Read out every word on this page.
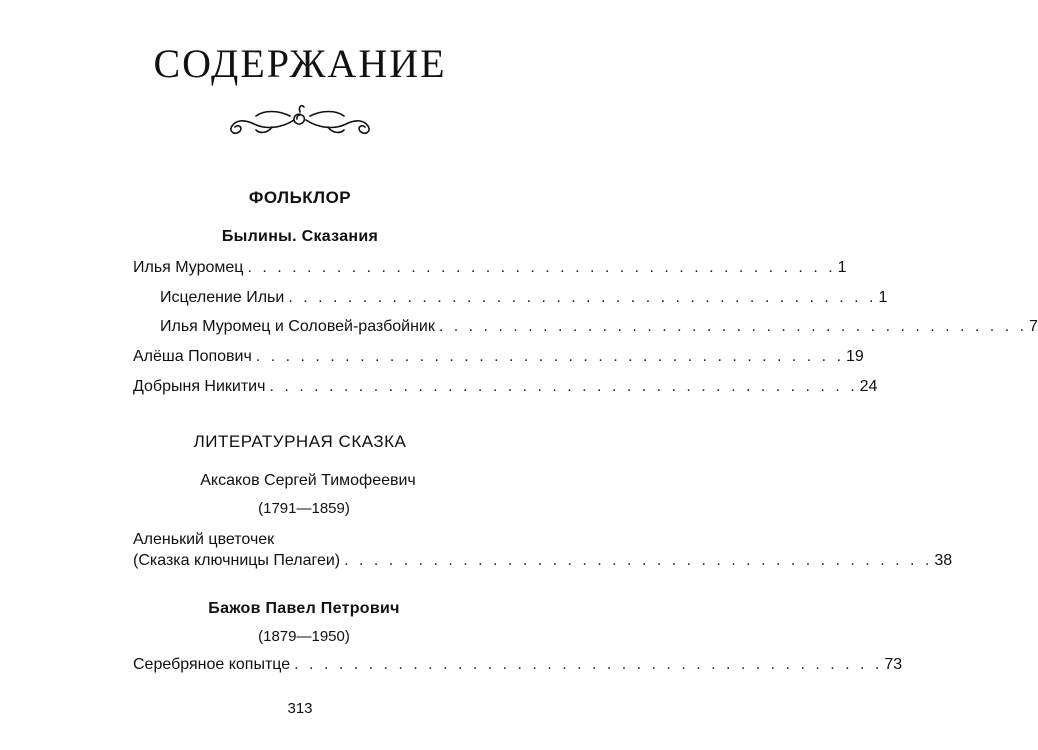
СОДЕРЖАНИЕ
ФОЛЬКЛОР
Былины. Сказания
Илья Муромец . . . . . . . . . . . . . . . . . . . . . . . . . . . . . . . . . . . . . . . . 1
Исцеление Ильи . . . . . . . . . . . . . . . . . . . . . . . . . . . . . . . . . . . . . . . . 1
Илья Муромец и Соловей-разбойник . . . . . . . . . . . . . . . . . . . . . . . . . . . . . . . . . . . . . . . . 7
Алёша Попович . . . . . . . . . . . . . . . . . . . . . . . . . . . . . . . . . . . . . . . . 19
Добрыня Никитич . . . . . . . . . . . . . . . . . . . . . . . . . . . . . . . . . . . . . . . . 24
ЛИТЕРАТУРНАЯ СКАЗКА
Аксаков Сергей Тимофеевич
(1791—1859)
Аленький цветочек
(Сказка ключницы Пелагеи) . . . . . . . . . . . . . . . . . . . . . . . . . . . . . . . . . . . . . . . . 38
Бажов Павел Петрович
(1879—1950)
Серебряное копытце . . . . . . . . . . . . . . . . . . . . . . . . . . . . . . . . . . . . . . . . 73
313
